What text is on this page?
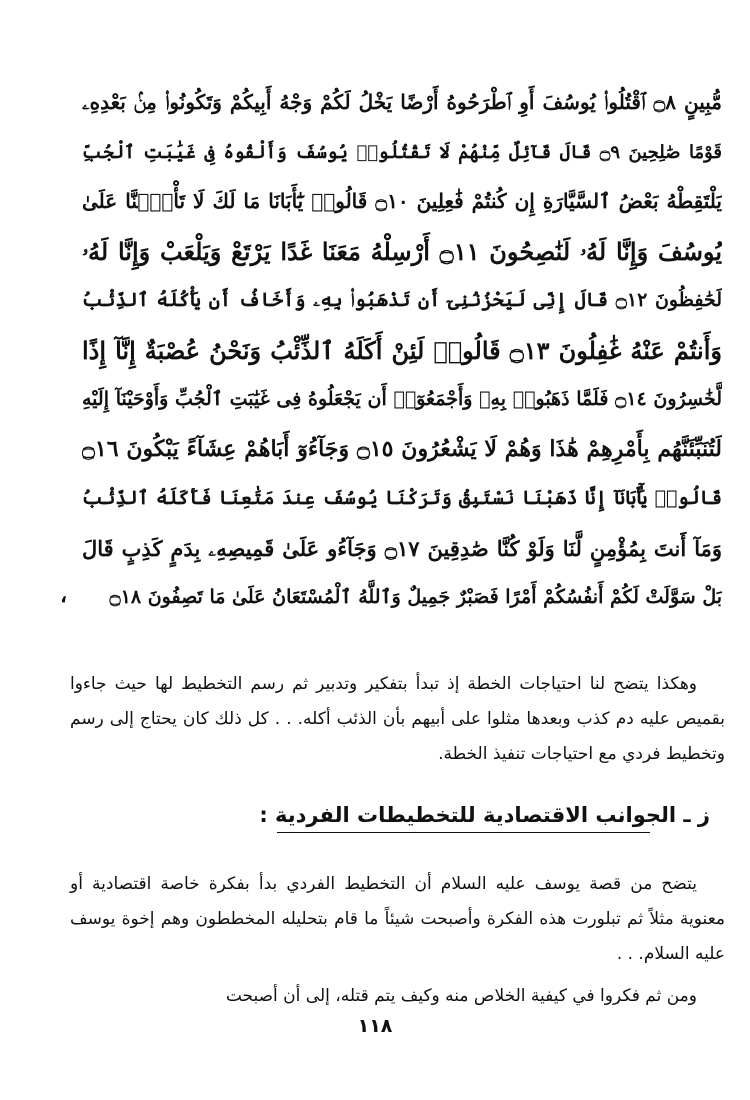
مُّبِينٍ ۝٨ ٱقْتُلُوا۟ يُوسُفَ أَوِ ٱطْرَحُوهُ أَرْضًا يَخْلُ لَكُمْ وَجْهُ أَبِيكُمْ وَتَكُونُوا۟ مِنۢ بَعْدِهِۦ
قَوْمًا صَٰلِحِينَ ۝٩ قَالَ قَآئِلٌ مِّنْهُمْ لَا تَقْتُلُوا۟ يُوسُفَ وَأَلْقُوهُ فِى غَيَٰبَتِ ٱلْجُبِّ
يَلْتَقِطْهُ بَعْضُ ٱلسَّيَّارَةِ إِن كُنتُمْ فَٰعِلِينَ ۝١٠ قَالُوا۟ يَٰٓأَبَانَا مَا لَكَ لَا تَأْمَ۬نَّا عَلَىٰ
يُوسُفَ وَإِنَّا لَهُۥ لَنَٰصِحُونَ ۝١١ أَرْسِلْهُ مَعَنَا غَدًا يَرْتَعْ وَيَلْعَبْ وَإِنَّا لَهُۥ
لَحَٰفِظُونَ ۝١٢ قَالَ إِنِّى لَيَحْزُنُنِىٓ أَن تَذْهَبُوا۟ بِهِۦ وَأَخَافُ أَن يَأْكُلَهُ ٱلذِّئْبُ
وَأَنتُمْ عَنْهُ غَٰفِلُونَ ۝١٣ قَالُوا۟ لَئِنْ أَكَلَهُ ٱلذِّئْبُ وَنَحْنُ عُصْبَةٌ إِنَّآ إِذًا
لَّخَٰسِرُونَ ۝١٤ فَلَمَّا ذَهَبُوا۟ بِهِۦ وَأَجْمَعُوٓا۟ أَن يَجْعَلُوهُ فِى غَيَٰبَتِ ٱلْجُبِّ وَأَوْحَيْنَآ إِلَيْهِ
لَتُنَبِّئَنَّهُم بِأَمْرِهِمْ هَٰذَا وَهُمْ لَا يَشْعُرُونَ ۝١٥ وَجَآءُوٓ أَبَاهُمْ عِشَآءً يَبْكُونَ ۝١٦
قَالُوا۟ يَٰٓأَبَانَآ إِنَّا ذَهَبْنَا نَسْتَبِقُ وَتَرَكْنَا يُوسُفَ عِندَ مَتَٰعِنَا فَأَكَلَهُ ٱلذِّئْبُ
وَمَآ أَنتَ بِمُؤْمِنٍ لَّنَا وَلَوْ كُنَّا صَٰدِقِينَ ۝١٧ وَجَآءُو عَلَىٰ قَمِيصِهِۦ بِدَمٍ كَذِبٍ قَالَ
بَلْ سَوَّلَتْ لَكُمْ أَنفُسُكُمْ أَمْرًا فَصَبْرٌ جَمِيلٌ وَٱللَّهُ ٱلْمُسْتَعَانُ عَلَىٰ مَا تَصِفُونَ ۝١٨
،

وهكذا يتضح لنا احتياجات الخطة إذ تبدأ بتفكير وتدبير ثم رسم التخطيط لها حيث جاءوا بقميص عليه دم كذب وبعدها مثلوا على أبيهم بأن الذئب أكله. . . كل ذلك كان يحتاج إلى رسم وتخطيط فردي مع احتياجات تنفيذ الخطة.

ز ـ الجوانب الاقتصادية للتخطيطات الفردية :

يتضح من قصة يوسف عليه السلام أن التخطيط الفردي بدأ بفكرة خاصة اقتصادية أو معنوية مثلاً ثم تبلورت هذه الفكرة وأصبحت شيئاً ما قام بتحليله المخططون وهم إخوة يوسف عليه السلام. . .

ومن ثم فكروا في كيفية الخلاص منه وكيف يتم قتله، إلى أن أصبحت

١١٨
